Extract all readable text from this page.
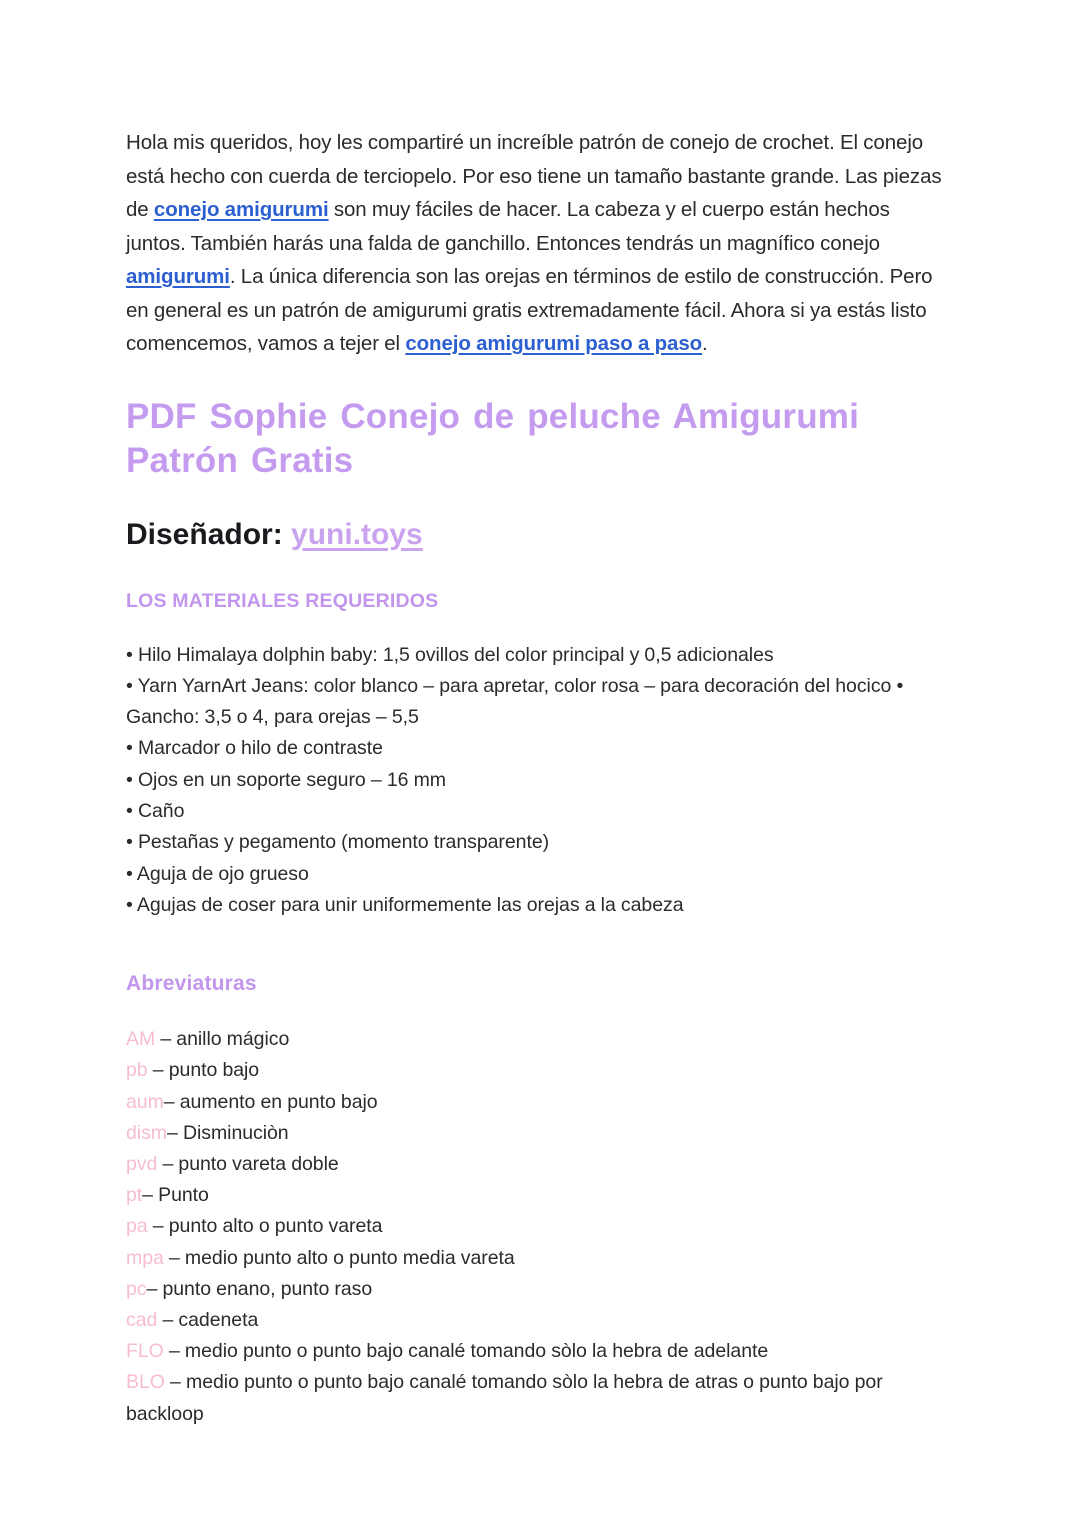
Hola mis queridos, hoy les compartiré un increíble patrón de conejo de crochet. El conejo está hecho con cuerda de terciopelo. Por eso tiene un tamaño bastante grande. Las piezas de conejo amigurumi son muy fáciles de hacer. La cabeza y el cuerpo están hechos juntos. También harás una falda de ganchillo. Entonces tendrás un magnífico conejo amigurumi. La única diferencia son las orejas en términos de estilo de construcción. Pero en general es un patrón de amigurumi gratis extremadamente fácil. Ahora si ya estás listo comencemos, vamos a tejer el conejo amigurumi paso a paso.

PDF Sophie Conejo de peluche Amigurumi Patrón Gratis
Diseñador: yuni.toys
LOS MATERIALES REQUERIDOS
• Hilo Himalaya dolphin baby: 1,5 ovillos del color principal y 0,5 adicionales
• Yarn YarnArt Jeans: color blanco – para apretar, color rosa – para decoración del hocico • Gancho: 3,5 o 4, para orejas – 5,5
• Marcador o hilo de contraste
• Ojos en un soporte seguro – 16 mm
• Caño
• Pestañas y pegamento (momento transparente)
• Aguja de ojo grueso
• Agujas de coser para unir uniformemente las orejas a la cabeza
Abreviaturas
AM – anillo mágico
pb – punto bajo
aum– aumento en punto bajo
dism– Disminuciòn
pvd – punto vareta doble
pt– Punto
pa – punto alto o punto vareta
mpa – medio punto alto o punto media vareta
pc– punto enano, punto raso
cad – cadeneta
FLO – medio punto o punto bajo canalé tomando sòlo la hebra de adelante
BLO – medio punto o punto bajo canalé tomando sòlo la hebra de atras o punto bajo por backloop
